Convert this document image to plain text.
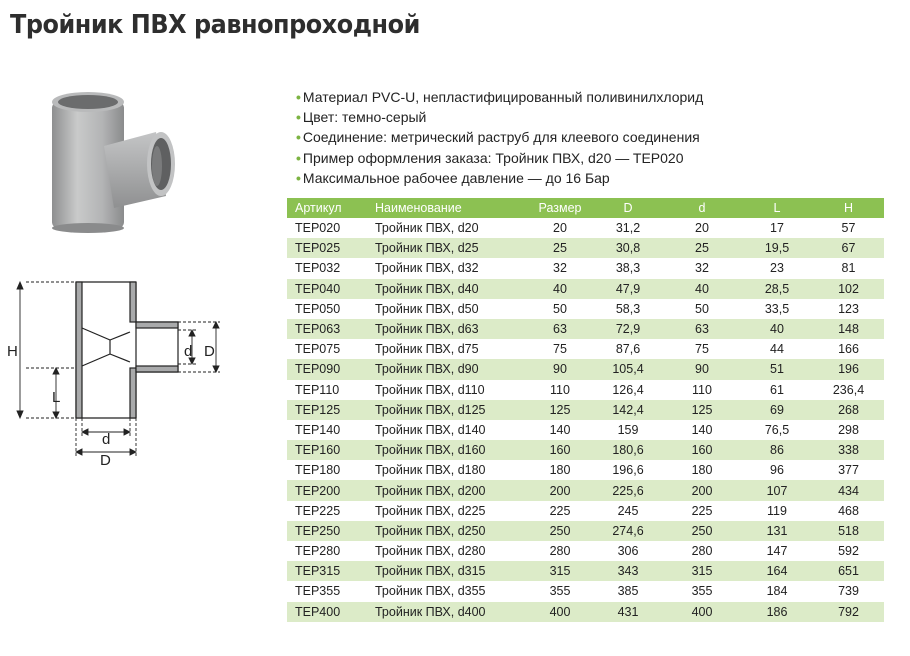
Тройник ПВХ равнопроходной
H
L
d D
d
D
• Материал PVC-U, непластифицированный поливинилхлорид
• Цвет: темно-серый
• Соединение: метрический раструб для клеевого соединения
• Пример оформления заказа: Тройник ПВХ, d20 — TEP020
• Максимальное рабочее давление — до 16 Бар
Артикул	Наименование	Размер	D	d	L	H
TEP020	Тройник ПВХ, d20	20	31,2	20	17	57
TEP025	Тройник ПВХ, d25	25	30,8	25	19,5	67
TEP032	Тройник ПВХ, d32	32	38,3	32	23	81
TEP040	Тройник ПВХ, d40	40	47,9	40	28,5	102
TEP050	Тройник ПВХ, d50	50	58,3	50	33,5	123
TEP063	Тройник ПВХ, d63	63	72,9	63	40	148
TEP075	Тройник ПВХ, d75	75	87,6	75	44	166
TEP090	Тройник ПВХ, d90	90	105,4	90	51	196
TEP110	Тройник ПВХ, d110	110	126,4	110	61	236,4
TEP125	Тройник ПВХ, d125	125	142,4	125	69	268
TEP140	Тройник ПВХ, d140	140	159	140	76,5	298
TEP160	Тройник ПВХ, d160	160	180,6	160	86	338
TEP180	Тройник ПВХ, d180	180	196,6	180	96	377
TEP200	Тройник ПВХ, d200	200	225,6	200	107	434
TEP225	Тройник ПВХ, d225	225	245	225	119	468
TEP250	Тройник ПВХ, d250	250	274,6	250	131	518
TEP280	Тройник ПВХ, d280	280	306	280	147	592
TEP315	Тройник ПВХ, d315	315	343	315	164	651
TEP355	Тройник ПВХ, d355	355	385	355	184	739
TEP400	Тройник ПВХ, d400	400	431	400	186	792
